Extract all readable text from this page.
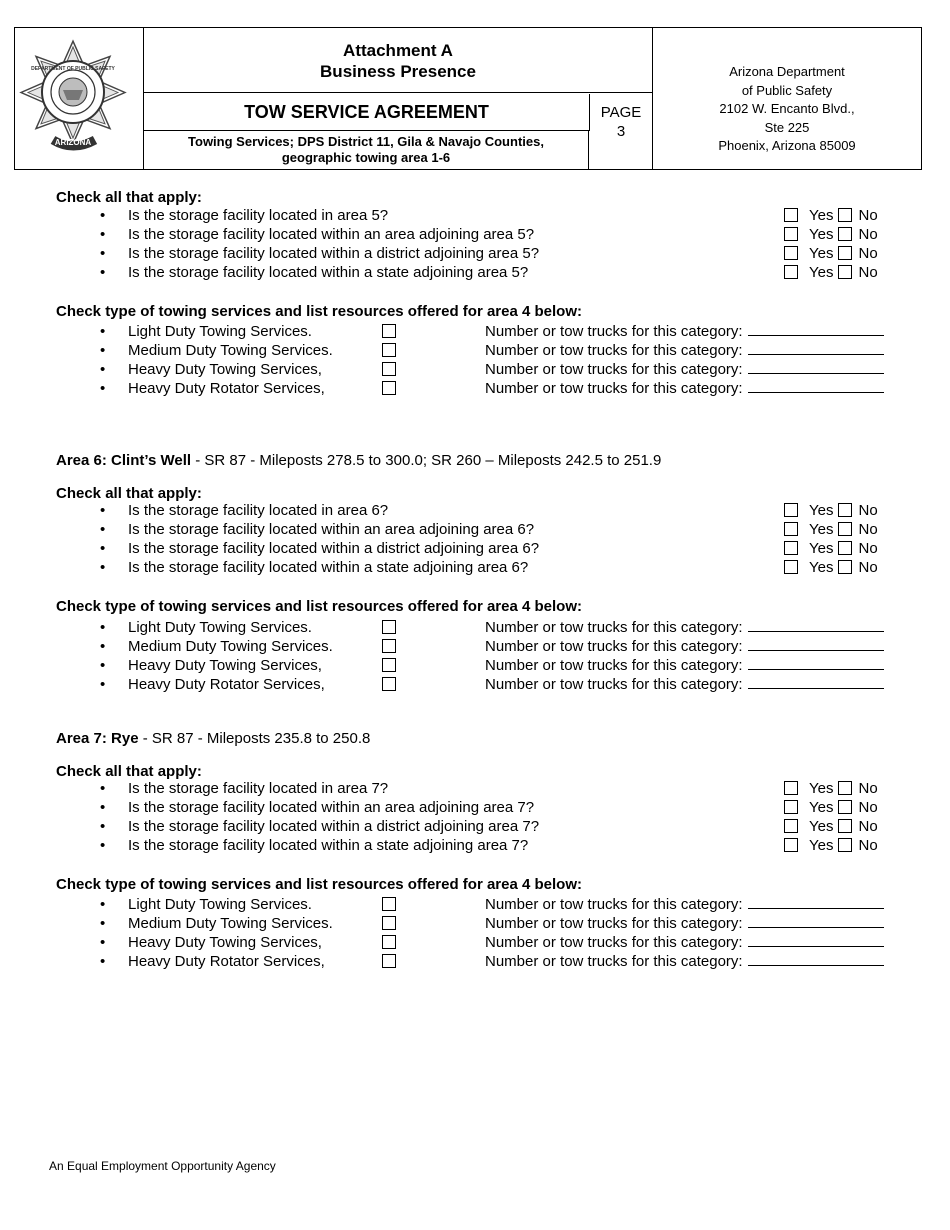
ARIZONA
DEPARTMENT OF PUBLIC SAFETY
Attachment A
Business Presence
TOW SERVICE AGREEMENT	PAGE
3
Towing Services; DPS District 11, Gila & Navajo Counties,
geographic towing area 1-6
Arizona Department
of Public Safety
2102 W. Encanto Blvd.,
Ste 225
Phoenix, Arizona 85009
Check all that apply:
• Is the storage facility located in area 5?	Yes No
• Is the storage facility located within an area adjoining area 5?	Yes No
• Is the storage facility located within a district adjoining area 5?	Yes No
• Is the storage facility located within a state adjoining area 5?	Yes No
Check type of towing services and list resources offered for area 4 below:
• Light Duty Towing Services.	Number or tow trucks for this category:
• Medium Duty Towing Services.	Number or tow trucks for this category:
• Heavy Duty Towing Services,	Number or tow trucks for this category:
• Heavy Duty Rotator Services,	Number or tow trucks for this category:
Area 6: Clint’s Well - SR 87 - Mileposts 278.5 to 300.0; SR 260 – Mileposts 242.5 to 251.9
Check all that apply:
• Is the storage facility located in area 6?	Yes No
• Is the storage facility located within an area adjoining area 6?	Yes No
• Is the storage facility located within a district adjoining area 6?	Yes No
• Is the storage facility located within a state adjoining area 6?	Yes No
Check type of towing services and list resources offered for area 4 below:
• Light Duty Towing Services.	Number or tow trucks for this category:
• Medium Duty Towing Services.	Number or tow trucks for this category:
• Heavy Duty Towing Services,	Number or tow trucks for this category:
• Heavy Duty Rotator Services,	Number or tow trucks for this category:
Area 7: Rye - SR 87 - Mileposts 235.8 to 250.8
Check all that apply:
• Is the storage facility located in area 7?	Yes No
• Is the storage facility located within an area adjoining area 7?	Yes No
• Is the storage facility located within a district adjoining area 7?	Yes No
• Is the storage facility located within a state adjoining area 7?	Yes No
Check type of towing services and list resources offered for area 4 below:
• Light Duty Towing Services.	Number or tow trucks for this category:
• Medium Duty Towing Services.	Number or tow trucks for this category:
• Heavy Duty Towing Services,	Number or tow trucks for this category:
• Heavy Duty Rotator Services,	Number or tow trucks for this category:
An Equal Employment Opportunity Agency
